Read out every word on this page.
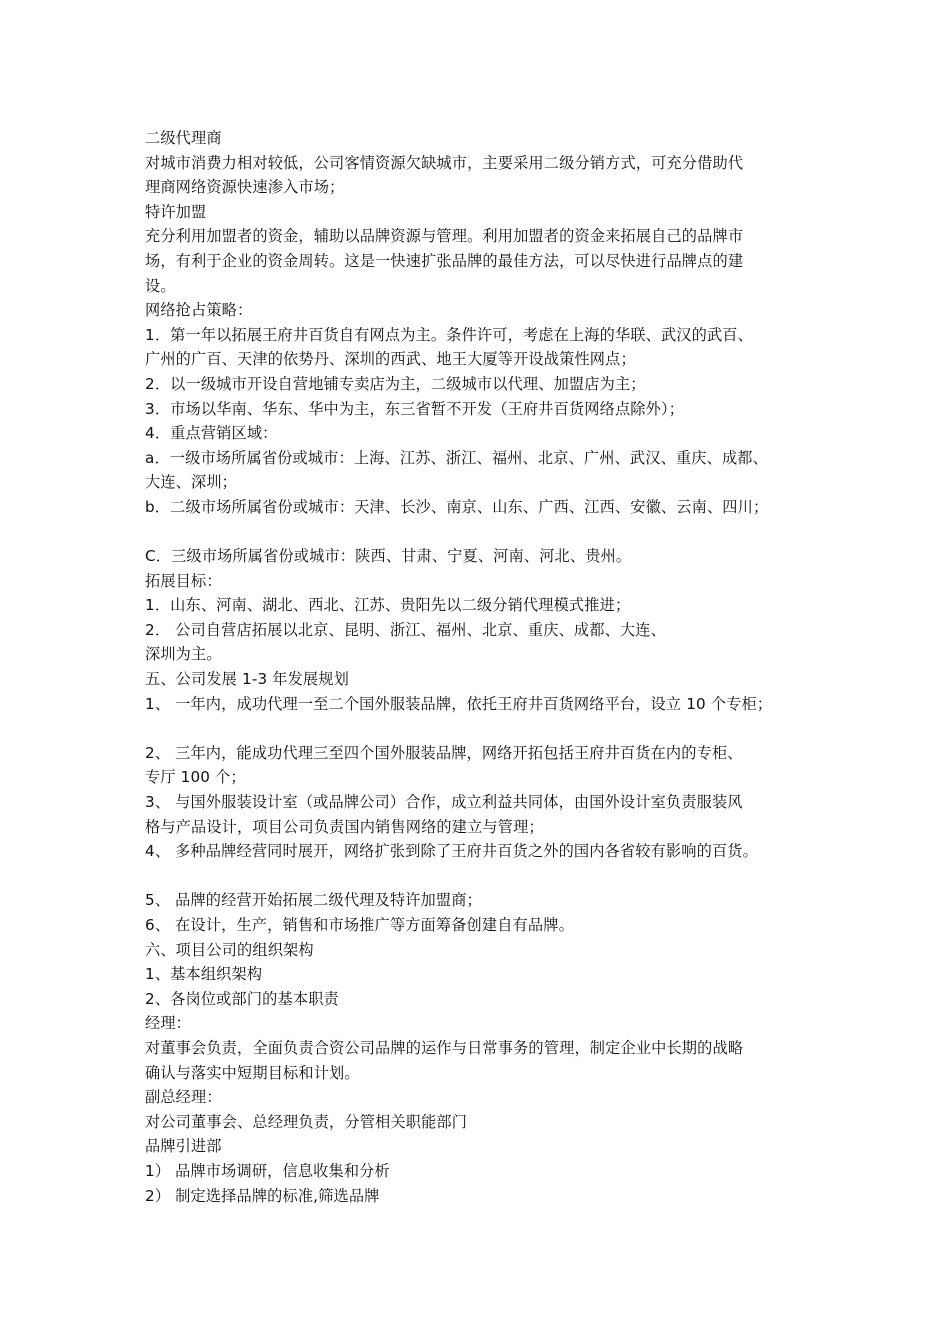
二级代理商
对城市消费力相对较低，公司客情资源欠缺城市，主要采用二级分销方式，可充分借助代
理商网络资源快速渗入市场；
特许加盟
充分利用加盟者的资金，辅助以品牌资源与管理。利用加盟者的资金来拓展自己的品牌市
场，有利于企业的资金周转。这是一快速扩张品牌的最佳方法，可以尽快进行品牌点的建
设。
网络抢占策略：
1．第一年以拓展王府井百货自有网点为主。条件许可，考虑在上海的华联、武汉的武百、
广州的广百、天津的依势丹、深圳的西武、地王大厦等开设战策性网点；
2．以一级城市开设自营地铺专卖店为主，二级城市以代理、加盟店为主；
3．市场以华南、华东、华中为主，东三省暂不开发（王府井百货网络点除外）；
4．重点营销区域：
a．一级市场所属省份或城市：上海、江苏、浙江、福州、北京、广州、武汉、重庆、成都、
大连、深圳；
b．二级市场所属省份或城市：天津、长沙、南京、山东、广西、江西、安徽、云南、四川；
C．三级市场所属省份或城市：陕西、甘肃、宁夏、河南、河北、贵州。
拓展目标：
1．山东、河南、湖北、西北、江苏、贵阳先以二级分销代理模式推进；
2． 公司自营店拓展以北京、昆明、浙江、福州、北京、重庆、成都、大连、
深圳为主。
五、公司发展 1-3 年发展规划
1、 一年内，成功代理一至二个国外服装品牌，依托王府井百货网络平台，设立 10 个专柜；
2、 三年内，能成功代理三至四个国外服装品牌，网络开拓包括王府井百货在内的专柜、
专厅 100 个；
3、 与国外服装设计室（或品牌公司）合作，成立利益共同体，由国外设计室负责服装风
格与产品设计，项目公司负责国内销售网络的建立与管理；
4、 多种品牌经营同时展开，网络扩张到除了王府井百货之外的国内各省较有影响的百货。
5、 品牌的经营开始拓展二级代理及特许加盟商；
6、 在设计，生产，销售和市场推广等方面筹备创建自有品牌。
六、项目公司的组织架构
1、基本组织架构
2、各岗位或部门的基本职责
经理：
对董事会负责，全面负责合资公司品牌的运作与日常事务的管理，制定企业中长期的战略
确认与落实中短期目标和计划。
副总经理：
对公司董事会、总经理负责，分管相关职能部门
品牌引进部
1） 品牌市场调研，信息收集和分析
2） 制定选择品牌的标准,筛选品牌
